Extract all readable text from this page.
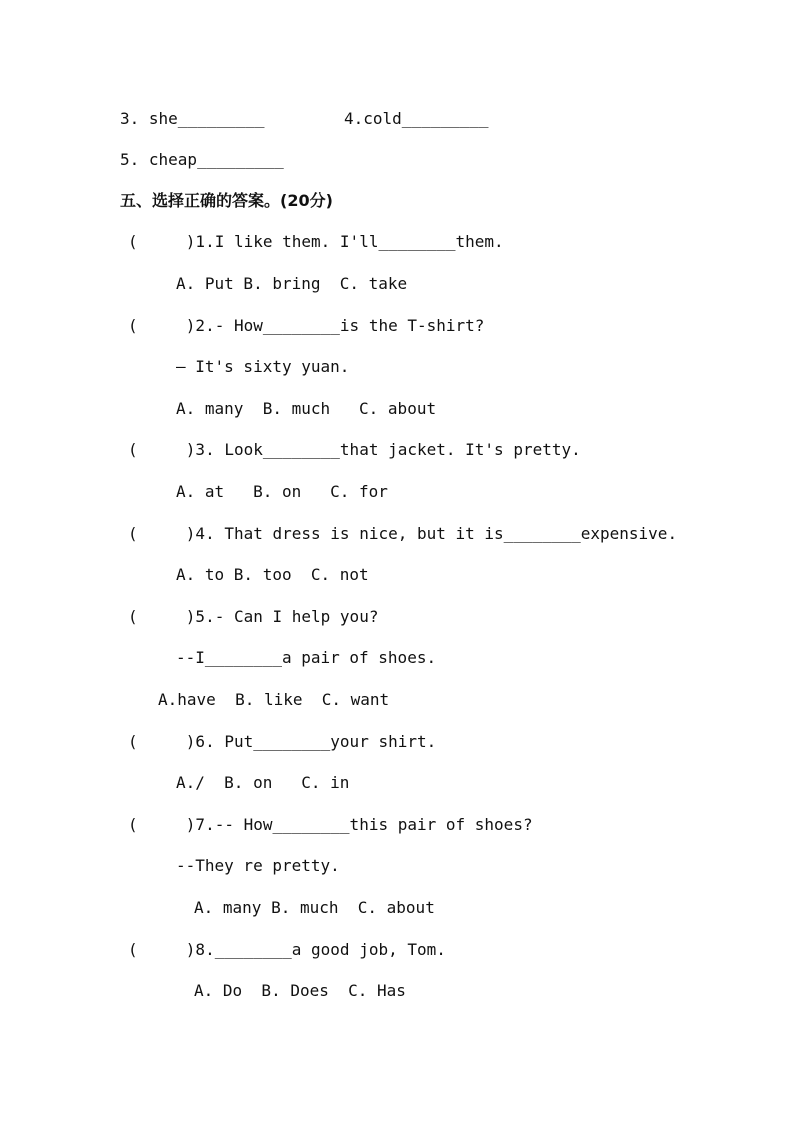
3. she_________	4.cold_________
5. cheap_________
五、选择正确的答案。(20分)
(     )1.I like them. I'll________them.
A. Put B. bring  C. take
(     )2.- How________is the T-shirt?
— It's sixty yuan.
A. many  B. much   C. about
(     )3. Look________that jacket. It's pretty.
A. at   B. on   C. for
(     )4. That dress is nice, but it is________expensive.
A. to B. too  C. not
(     )5.- Can I help you?
--I________a pair of shoes.
A.have  B. like  C. want
(     )6. Put________your shirt.
A./  B. on   C. in
(     )7.-- How________this pair of shoes?
--They re pretty.
A. many B. much  C. about
(     )8.________a good job, Tom.
A. Do  B. Does  C. Has
